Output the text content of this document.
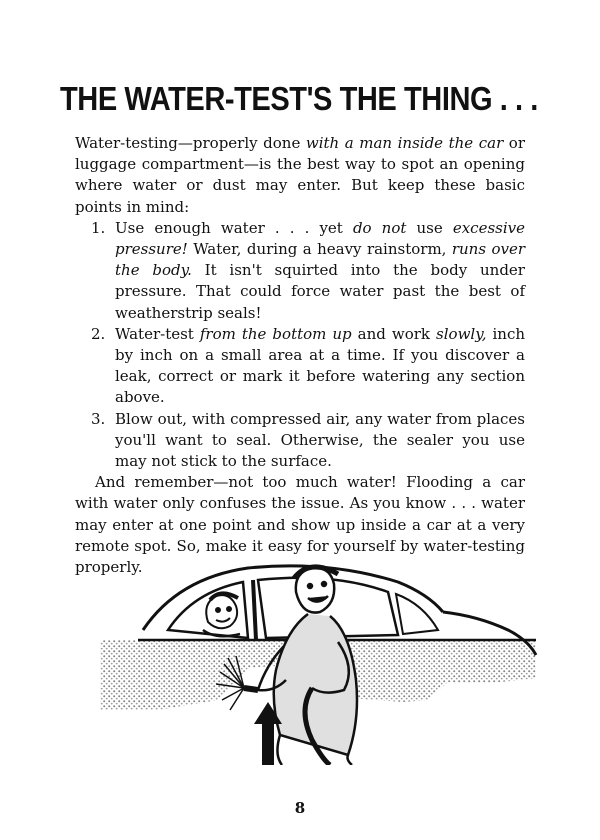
THE WATER-TEST'S THE THING . . .

Water-testing—properly done with a man inside the car or luggage compartment—is the best way to spot an opening where water or dust may enter. But keep these basic points in mind:

1. Use enough water . . . yet do not use excessive pressure! Water, during a heavy rainstorm, runs over the body. It isn't squirted into the body under pressure. That could force water past the best of weatherstrip seals!
2. Water-test from the bottom up and work slowly, inch by inch on a small area at a time. If you discover a leak, correct or mark it before watering any section above.
3. Blow out, with compressed air, any water from places you'll want to seal. Otherwise, the sealer you use may not stick to the surface.

And remember—not too much water! Flooding a car with water only confuses the issue. As you know . . . water may enter at one point and show up inside a car at a very remote spot. So, make it easy for yourself by water-testing properly.

8
